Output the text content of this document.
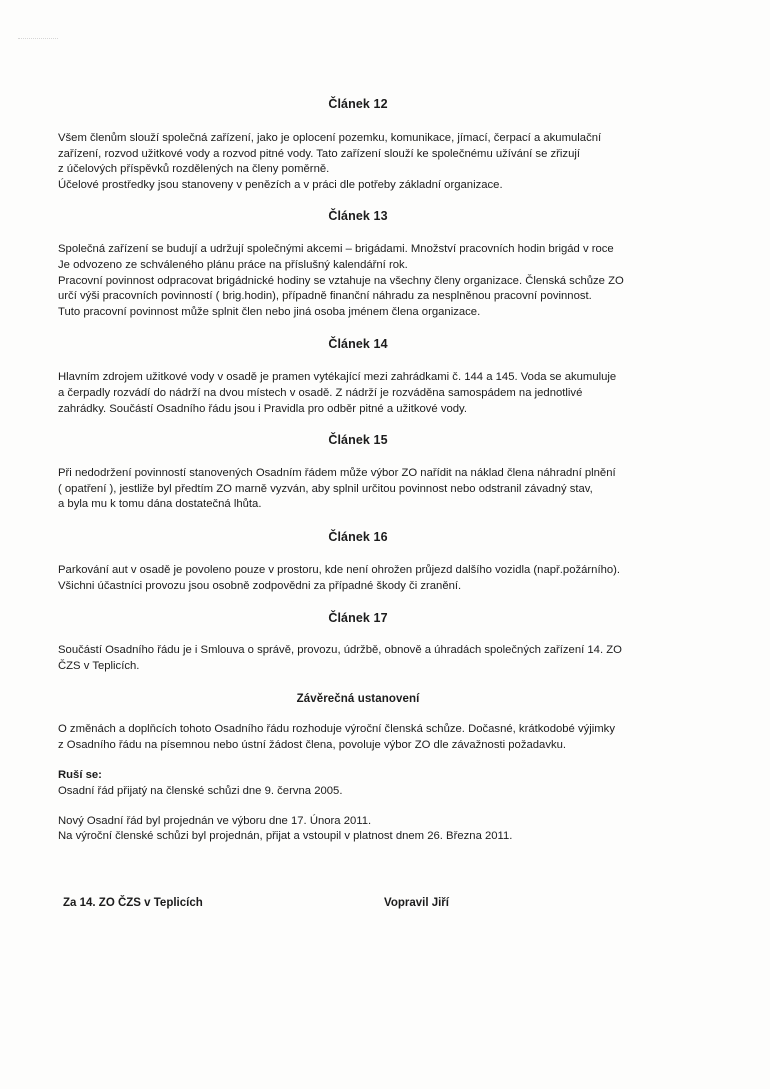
Článek 12

Všem členům slouží společná zařízení, jako je oplocení pozemku, komunikace, jímací, čerpací a akumulační
zařízení, rozvod užitkové vody a rozvod pitné vody. Tato zařízení slouží ke společnému užívání se zřizují
z účelových příspěvků rozdělených na členy poměrně.
Účelové prostředky jsou stanoveny v penězích a v práci dle potřeby základní organizace.

Článek 13

Společná zařízení se budují a udržují společnými akcemi – brigádami. Množství pracovních hodin brigád v roce
Je odvozeno ze schváleného plánu práce na příslušný kalendářní rok.
Pracovní povinnost odpracovat brigádnické hodiny se vztahuje na všechny členy organizace. Členská schůze ZO
určí výši pracovních povinností ( brig.hodin), případně finanční náhradu za nesplněnou pracovní povinnost.
Tuto pracovní povinnost může splnit člen nebo jiná osoba jménem člena organizace.

Článek 14

Hlavním zdrojem užitkové vody v osadě je pramen vytékající mezi zahrádkami č. 144 a 145. Voda se akumuluje
a čerpadly rozvádí do nádrží na dvou místech v osadě. Z nádrží je rozváděna samospádem na jednotlivé
zahrádky. Součástí Osadního řádu jsou i Pravidla pro odběr pitné a užitkové vody.

Článek 15

Při nedodržení povinností stanovených Osadním řádem může výbor ZO nařídit na náklad člena náhradní plnění
( opatření ), jestliže byl předtím ZO marně vyzván, aby splnil určitou povinnost nebo odstranil závadný stav,
a byla mu k tomu dána dostatečná lhůta.

Článek 16

Parkování aut v osadě je povoleno pouze v prostoru, kde není ohrožen průjezd dalšího vozidla (např.požárního).
Všichni účastníci provozu jsou osobně zodpovědni za případné škody či zranění.

Článek 17

Součástí Osadního řádu je i Smlouva o správě, provozu, údržbě, obnově a úhradách společných zařízení 14. ZO
ČZS v Teplicích.

Závěrečná ustanovení

O změnách a doplňcích tohoto Osadního řádu rozhoduje výroční členská schůze. Dočasné, krátkodobé výjimky
z Osadního řádu na písemnou nebo ústní žádost člena, povoluje výbor ZO dle závažnosti požadavku.

Ruší se:

Osadní řád přijatý na členské schůzi dne 9. června 2005.

Nový Osadní řád byl projednán ve výboru dne 17. Února 2011.
Na výroční členské schůzi byl projednán, přijat a vstoupil v platnost dnem 26. Března 2011.

Za 14. ZO ČZS v Teplicích	Vopravil Jiří
